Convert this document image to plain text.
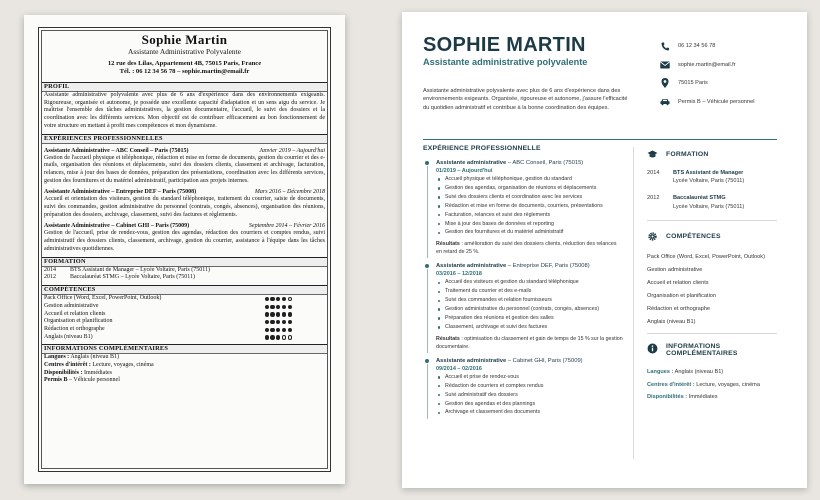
Sophie Martin
Assistante Administrative Polyvalente
12 rue des Lilas, Appartement 4B, 75015 Paris, France
Tél. : 06 12 34 56 78 – sophie.martin@email.fr
PROFIL

Assistante administrative polyvalente avec plus de 6 ans d'expérience dans des environnements exigeants. Rigoureuse, organisée et autonome, je possède une excellente capacité d'adaptation et un sens aigu du service. Je maîtrise l'ensemble des tâches administratives, la gestion documentaire, l'accueil, le suivi des dossiers et la coordination avec les différents services. Mon objectif est de contribuer efficacement au bon fonctionnement de votre structure en mettant à profit mes compétences et mon dynamisme.

EXPÉRIENCES PROFESSIONNELLES
Assistante Administrative – ABC Conseil – Paris (75015)	Janvier 2019 – Aujourd'hui

Gestion de l'accueil physique et téléphonique, rédaction et mise en forme de documents, gestion du courrier et des e-mails, organisation des réunions et déplacements, suivi des dossiers clients, classement et archivage, facturation, relances, mise à jour des bases de données, préparation des présentations, coordination avec les différents services, gestion des fournitures et du matériel administratif, participation aux projets internes.

Assistante Administrative – Entreprise DEF – Paris (75008)	Mars 2016 – Décembre 2018

Accueil et orientation des visiteurs, gestion du standard téléphonique, traitement du courrier, saisie de documents, suivi des commandes, gestion administrative du personnel (contrats, congés, absences), organisation des réunions, préparation des dossiers, archivage, classement, suivi des factures et règlements.

Assistante Administrative – Cabinet GHI – Paris (75009)	Septembre 2014 – Février 2016

Gestion de l'accueil, prise de rendez-vous, gestion des agendas, rédaction des courriers et comptes rendus, suivi administratif des dossiers clients, classement, archivage, gestion du courrier, assistance à l'équipe dans les tâches administratives quotidiennes.

FORMATION
2014	BTS Assistant de Manager – Lycée Voltaire, Paris (75011)
2012	Baccalauréat STMG – Lycée Voltaire, Paris (75011)
COMPÉTENCES
Pack Office (Word, Excel, PowerPoint, Outlook)
Gestion administrative
Accueil et relation clients
Organisation et planification
Rédaction et orthographe
Anglais (niveau B1)
INFORMATIONS COMPLÉMENTAIRES
Langues : Anglais (niveau B1)
Centres d'intérêt : Lecture, voyages, cinéma
Disponibilités : Immédiates
Permis B – Véhicule personnel
SOPHIE MARTIN
Assistante administrative polyvalente
Assistante administrative polyvalente avec plus de 6 ans d'expérience dans des environnements exigeants. Organisée, rigoureuse et autonome, j'assure l'efficacité du quotidien administratif et contribue à la bonne coordination des équipes.
06 12 34 56 78
sophie.martin@email.fr
75015 Paris
Permis B – Véhicule personnel
EXPÉRIENCE PROFESSIONNELLE
Assistante administrative – ABC Conseil, Paris (75015)
01/2019 – Aujourd'hui
Accueil physique et téléphonique, gestion du standard
Gestion des agendas, organisation de réunions et déplacements
Suivi des dossiers clients et coordination avec les services
Rédaction et mise en forme de documents, courriers, présentations
Facturation, relances et suivi des règlements
Mise à jour des bases de données et reporting
Gestion des fournitures et du matériel administratif
Résultats : amélioration du suivi des dossiers clients, réduction des relances en retard de 25 %.
Assistante administrative – Entreprise DEF, Paris (75008)
03/2016 – 12/2018
Accueil des visiteurs et gestion du standard téléphonique
Traitement du courrier et des e-mails
Suivi des commandes et relation fournisseurs
Gestion administrative du personnel (contrats, congés, absences)
Préparation des réunions et gestion des salles
Classement, archivage et suivi des factures
Résultats : optimisation du classement et gain de temps de 15 % sur la gestion documentaire.
Assistante administrative – Cabinet GHI, Paris (75009)
09/2014 – 02/2016
Accueil et prise de rendez-vous
Rédaction de courriers et comptes rendus
Suivi administratif des dossiers
Gestion des agendas et des plannings
Archivage et classement des documents
FORMATION
2014	BTS Assistant de Manager
Lycée Voltaire, Paris (75011)
2012	Baccalauréat STMG
Lycée Voltaire, Paris (75011)
COMPÉTENCES
Pack Office (Word, Excel, PowerPoint, Outlook)
Gestion administrative
Accueil et relation clients
Organisation et planification
Rédaction et orthographe
Anglais (niveau B1)
INFORMATIONS
COMPLÉMENTAIRES
Langues : Anglais (niveau B1)
Centres d'intérêt : Lecture, voyages, cinéma
Disponibilités : Immédiates
